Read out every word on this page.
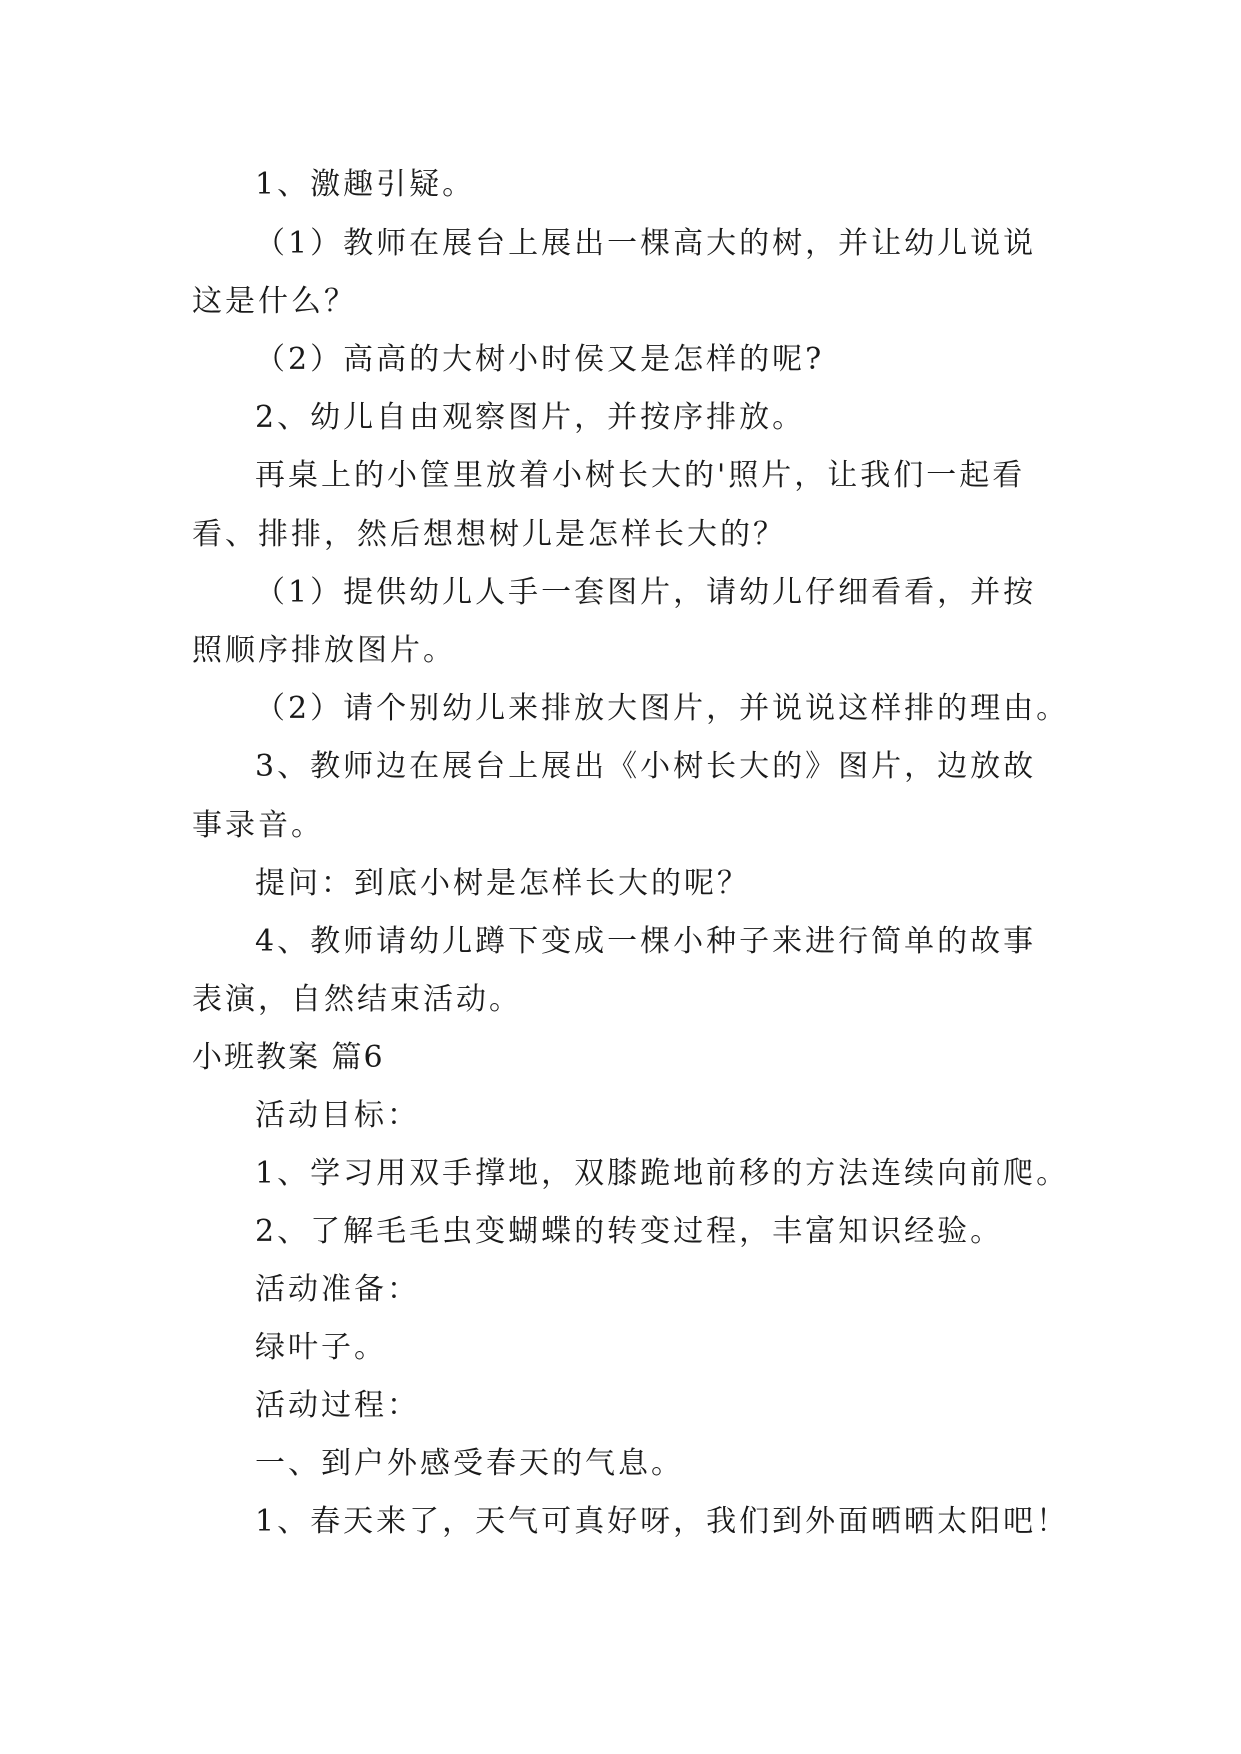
1、激趣引疑。
（1）教师在展台上展出一棵高大的树，并让幼儿说说
这是什么？
（2）高高的大树小时侯又是怎样的呢?
2、幼儿自由观察图片，并按序排放。
再桌上的小筐里放着小树长大的'照片，让我们一起看
看、排排，然后想想树儿是怎样长大的？
（1）提供幼儿人手一套图片，请幼儿仔细看看，并按
照顺序排放图片。
（2）请个别幼儿来排放大图片，并说说这样排的理由。
3、教师边在展台上展出《小树长大的》图片，边放故
事录音。
提问：到底小树是怎样长大的呢？
4、教师请幼儿蹲下变成一棵小种子来进行简单的故事
表演，自然结束活动。
小班教案 篇6
活动目标：
1、学习用双手撑地，双膝跪地前移的方法连续向前爬。
2、了解毛毛虫变蝴蝶的转变过程，丰富知识经验。
活动准备：
绿叶子。
活动过程：
一、到户外感受春天的气息。
1、春天来了，天气可真好呀，我们到外面晒晒太阳吧！
